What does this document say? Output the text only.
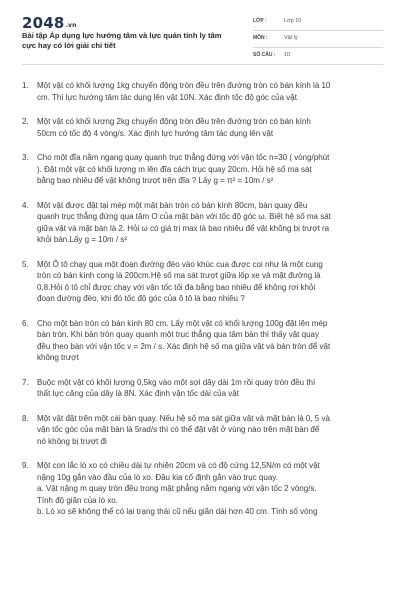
2048.vn
Bài tập Áp dụng lực hướng tâm và lực quán tính ly tâm cực hay có lời giải chi tiết
LỚP :	Lớp 10
MÔN :	Vật lý
SỐ CÂU : 10
1. Một vật có khối lượng 1kg chuyển động tròn đều trên đường tròn có bán kính là 10
cm. Thì lực hướng tâm tác dụng lên vật 10N. Xác định tốc độ góc của vật
2. Một vật có khối lượng 2kg chuyển động tròn đều trên đường tròn có bán kính
50cm có tốc độ 4 vòng/s. Xác định lực hướng tâm tác dụng lên vật
3. Cho một đĩa nằm ngang quay quanh trục thẳng đứng với vận tốc n=30 ( vòng/phút
). Đặt một vật có khối lượng m lên đĩa cách trục quay 20cm. Hỏi hệ số ma sát
bằng bao nhiêu để vật không trượt trên đĩa ? Lấy g = π² = 10m / s²
4. Một vật được đặt tại mép một mặt bàn tròn có bán kính 80cm, bàn quay đều
quanh trục thẳng đứng qua tâm O của mặt bàn với tốc độ góc ω. Biết hệ số ma sát
giữa vật và mặt bàn là 2. Hỏi ω có giá trị max là bao nhiêu để vật không bị trượt ra
khỏi bàn.Lấy g = 10m / s²
5. Một Ô tô chạy qua một đoạn đường đèo vào khúc cua được coi như là một cung
tròn có bán kính cong là 200cm.Hệ số ma sát trượt giữa lốp xe và mặt đường là
0,8.Hỏi ô tô chỉ được chạy với vận tốc tối đa bằng bao nhiêu để không rơi khỏi
đoạn đường đèo, khi đó tốc độ góc của ô tô là bao nhiêu ?
6. Cho một bàn tròn có bán kính 80 cm. Lấy một vật có khối lượng 100g đặt lên mép
bàn tròn. Khi bàn tròn quay quanh một trục thẳng qua tâm bàn thì thấy vật quay
đều theo bàn với vận tốc v = 2m / s. Xác định hệ số ma giữa vật và bàn tròn để vật
không trượt
7. Buộc một vật có khối lượng 0,5kg vào một sợi dây dài 1m rồi quay tròn đều thì
thất lực căng của dây là 8N. Xác định vận tốc dài của vật
8. Một vật đặt trên một cái bàn quay. Nếu hệ số ma sát giữa vật và mặt bàn là 0, 5 và
vận tốc góc của mặt bàn là 5rad/s thì có thể đặt vật ở vùng nào trên mặt bàn để
nó không bị trượt đi
9. Một con lắc lò xo có chiều dài tự nhiên 20cm và có độ cứng 12,5N/m có một vật
nặng 10g gắn vào đầu của lò xo. Đầu kia cố định gắn vào trục quay.
a. Vật nặng m quay tròn đều trong mặt phẳng nằm ngang với vận tốc 2 vòng/s.
Tính độ giãn của lò xo.
b. Lò xo sẽ không thể có lại trạng thái cũ nếu giãn dài hơn 40 cm. Tính số vòng
